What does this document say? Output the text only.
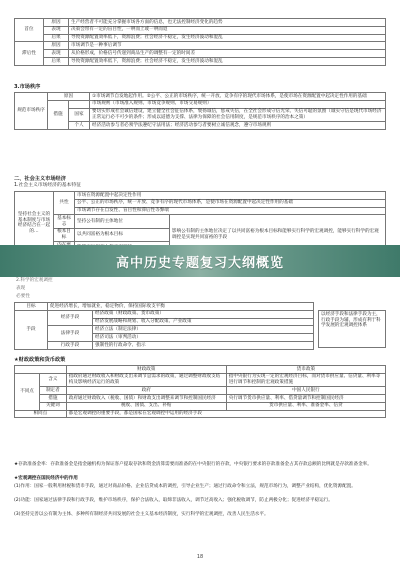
首位	原因	生产经营者不可能充分掌握市场各方面的信息，也无法控制经济变化的趋势
	表现	决策会带有一定的盲目性，一哄而上或一哄而退
	后果	导致资源配置效率低下，资源浪费；社会经济不稳定，发生经济波动和混乱
滞后性	原因	市场调节是一种事后调节
	表现	从价格形成，价格信号传递到商品生产的调整有一定的时间差
	后果	导致资源配置效率低下，资源浪费；社会经济不稳定，发生经济波动和混乱
3.市场秩序
规范市场秩序	原因		①市场调节自发地起作用。②公平、公正的市场秩序，统一开放、竞争有序的现代市场体系，是使市场在资源配置中起决定性作用的基础
	措施		市场规则（市场准入规则、市场竞争规则、市场交易规则）
		国家	要切实形成社会诚信建设，建立健全社会征信体系，褒扬诚信，惩戒失信，在全社会形成守信光荣、失信可耻的氛围（诚实守信是现代市场经济正常运行必不可少的条件；形成以道德为支撑、法律为保障的社会信用制度，是规范市场秩序的治本之策）
		个人	经济活动参与者必须学法遵纪守法用法；经济活动参与者要树立诚信观念，遵守市场规则
二、社会主义市场经济
1.社会主义市场经济的基本特征
坚持社会主义的基本制度与市场经济结合在一起的…	共性	市场在资源配置中起决定性作用	
		公平、公正的市场秩序，统一开放、竞争有序的现代市场体系，是使市场在资源配置中起决定性作用的基础	
		市场调节存在自发性、盲目性和滞后性等弊端	
	基本标志	坚持公有制的主体地位	影响公有制的主体地位决定了以共同富裕为根本目标和能够实行科学的宏观调控，能够实行科学的宏观调控是实现共同富裕的手段
	根本目标	以共同富裕为根本目标	

高中历史专题复习大纲概览
2.科学的宏观调控
表现
必要性
目标	促进经济增长，增加就业，稳定物价，保持国际收支平衡	
手段	经济手段	经济政策（财政政策、货币政策）
		经济发展战略和规划、收入分配政策、产业政策
	法律手段	经济立法（制定法律）
		经济司法（审判活动）
	行政手段	强制性的行政命令、指示
以经济手段和法律手段为主，行政手段为辅，形成有利于科学发展的宏观调控体系
★财政政策和货币政策
		财政政策	货币政策
不同点	含义	指政府通过财政收入和财政支出来调节总需求的政策，通过调整财政收支结构及影响经济运行的政策	指中央银行为实现一定的宏观经济目标，而对货币供应量、信贷量、利率等进行调节和控制的宏观政策措施
	制定者	政府	中国人民银行
	措施	政府通过财政收入（税收、国债）和财政支出调整来调节和控制国民经济	央行调节货币供应量、利率、借贷量调节和控制国民经济
	关键词	税收、国债、支出、补贴	货币供应量、利率、准备金率、信贷
相同点		都是宏观调控的重要手段，都是国家在宏观调控中运用的经济手段	
★存款准备金率：存款准备金是指金融机构为保证客户提取存款和资金清算需要而准备的在中央银行的存款，中央银行要求的存款准备金占其存款总额的比例就是存款准备金率。
★宏观调控在国民经济中的作用
(1)作用：国家一般利用财税和货币手段，通过对商品价格、企业信贷成本的调控，引导企业生产；通过行政命令和立法，规范市场行为，调整产业结构，优化资源配置。
(2)功能：国家通过法律手段和行政手段，维护市场秩序，保护合法收入，取缔非法收入，调节过高收入；强化税收调节，防止两极分化；促进经济平稳运行。
(3)坚持完善以公有制为主体、多种所有制经济共同发展的社会主义基本经济制度，实行科学的宏观调控，改善人民生活水平。
18
